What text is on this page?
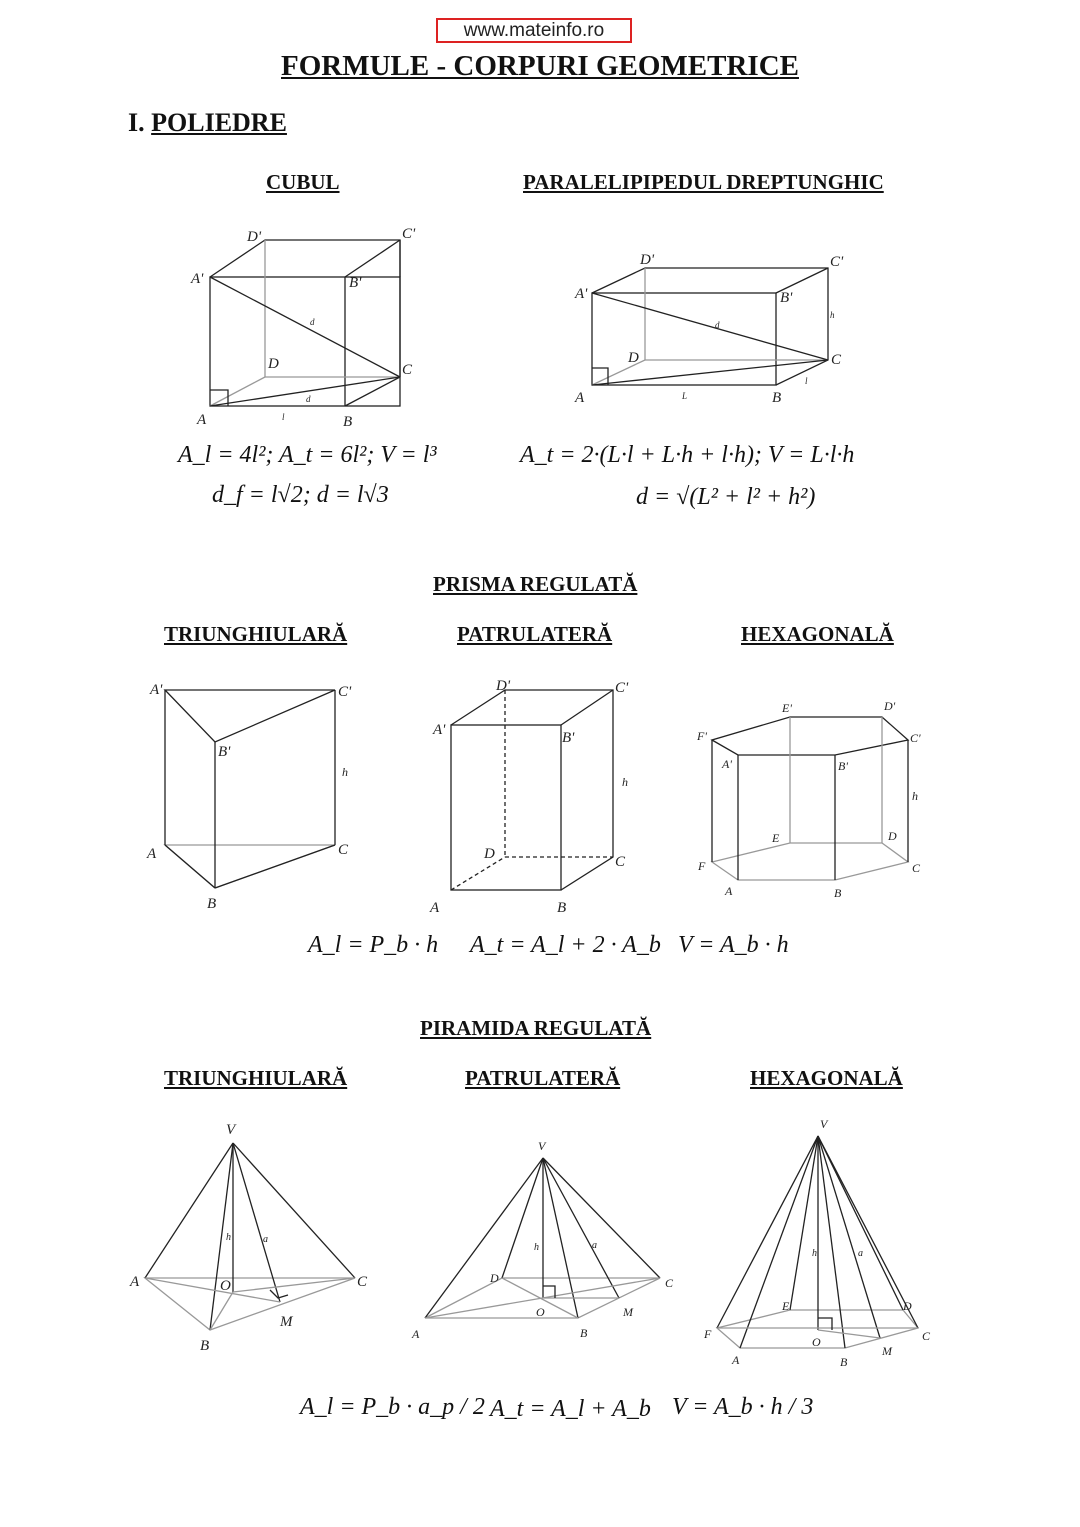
www.mateinfo.ro
FORMULE - CORPURI GEOMETRICE
I. POLIEDRE
CUBUL	PARALELIPIPEDUL DREPTUNGHIC
PRISMA REGULATĂ
TRIUNGHIULARĂ	PATRULATERĂ	HEXAGONALĂ
PIRAMIDA REGULATĂ
TRIUNGHIULARĂ	PATRULATERĂ	HEXAGONALĂ
A_l = 4l²; A_t = 6l²; V = l³
d_f = l√2; d = l√3
A_t = 2·(L·l + L·h + l·h); V = L·l·h
d = √(L² + l² + h²)
A_l = P_b · h A_t = A_l + 2 · A_b V = A_b · h
A_l = P_b · a_p / 2 A_t = A_l + A_b V = A_b · h / 3
A	B
C
D
A'	B'
C'
D'
d
d
l
A	B
C
D
A'	B'
C'
D'
d
h
l
L
A'	C'
B'
h
A	C
B
A'
D'	C'
B'
h
D	C
A	B
F'
A'
E'	D'
C'
B'
h
E	D
F	C
A	B
V
A	C
B
M
O
h	a
V
D	C
O
B
M
A
h	a
V
E	D
C
F
A	B
M
O
h	a
